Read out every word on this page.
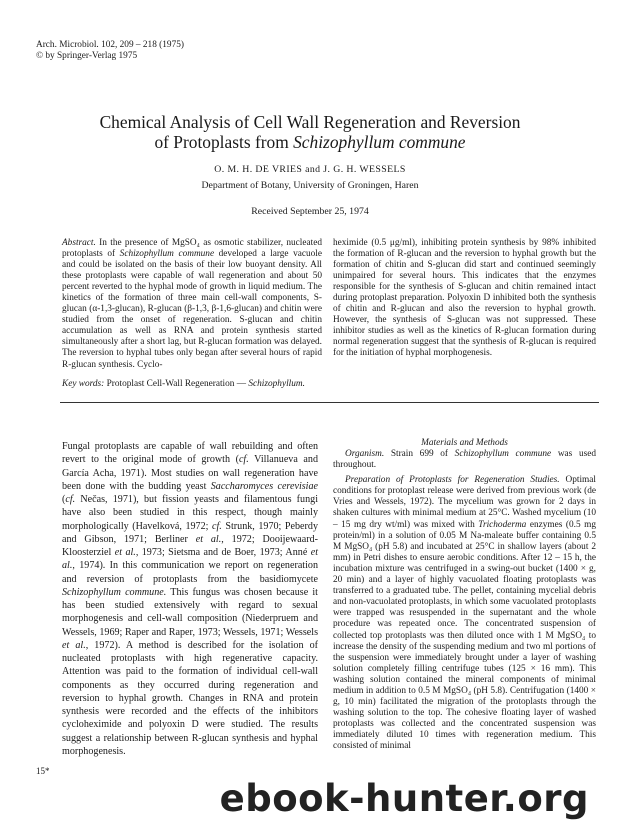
Arch. Microbiol. 102, 209 – 218 (1975)
© by Springer-Verlag 1975
Chemical Analysis of Cell Wall Regeneration and Reversion
of Protoplasts from Schizophyllum commune
O. M. H. DE VRIES and J. G. H. WESSELS
Department of Botany, University of Groningen, Haren
Received September 25, 1974

Abstract. In the presence of MgSO₄ as osmotic stabilizer, nucleated protoplasts of Schizophyllum commune developed a large vacuole and could be isolated on the basis of their low buoyant density. All these protoplasts were capable of wall regeneration and about 50 percent reverted to the hyphal mode of growth in liquid medium. The kinetics of the formation of three main cell-wall components, S-glucan (α-1,3-glucan), R-glucan (β-1,3, β-1,6-glucan) and chitin were studied from the onset of regeneration. S-glucan and chitin accumulation as well as RNA and protein synthesis started simultaneously after a short lag, but R-glucan formation was delayed. The reversion to hyphal tubes only began after several hours of rapid R-glucan synthesis. Cyclo-

heximide (0.5 μg/ml), inhibiting protein synthesis by 98% inhibited the formation of R-glucan and the reversion to hyphal growth but the formation of chitin and S-glucan did start and continued seemingly unimpaired for several hours. This indicates that the enzymes responsible for the synthesis of S-glucan and chitin remained intact during protoplast preparation. Polyoxin D inhibited both the synthesis of chitin and R-glucan and also the reversion to hyphal growth. However, the synthesis of S-glucan was not suppressed. These inhibitor studies as well as the kinetics of R-glucan formation during normal regeneration suggest that the synthesis of R-glucan is required for the initiation of hyphal morphogenesis.

Key words: Protoplast Cell-Wall Regeneration — Schizophyllum.

Fungal protoplasts are capable of wall rebuilding and often revert to the original mode of growth (cf. Villanueva and García Acha, 1971). Most studies on wall regeneration have been done with the budding yeast Saccharomyces cerevisiae (cf. Nečas, 1971), but fission yeasts and filamentous fungi have also been studied in this respect, though mainly morphologically (Havelková, 1972; cf. Strunk, 1970; Peberdy and Gibson, 1971; Berliner et al., 1972; Dooijewaard-Kloosterziel et al., 1973; Sietsma and de Boer, 1973; Anné et al., 1974). In this communication we report on regeneration and reversion of protoplasts from the basidiomycete Schizophyllum commune. This fungus was chosen because it has been studied extensively with regard to sexual morphogenesis and cell-wall composition (Niederpruem and Wessels, 1969; Raper and Raper, 1973; Wessels, 1971; Wessels et al., 1972). A method is described for the isolation of nucleated protoplasts with high regenerative capacity. Attention was paid to the formation of individual cell-wall components as they occurred during regeneration and reversion to hyphal growth. Changes in RNA and protein synthesis were recorded and the effects of the inhibitors cycloheximide and polyoxin D were studied. The results suggest a relationship between R-glucan synthesis and hyphal morphogenesis.

Materials and Methods

Organism. Strain 699 of Schizophyllum commune was used throughout.

Preparation of Protoplasts for Regeneration Studies. Optimal conditions for protoplast release were derived from previous work (de Vries and Wessels, 1972). The mycelium was grown for 2 days in shaken cultures with minimal medium at 25°C. Washed mycelium (10 – 15 mg dry wt/ml) was mixed with Trichoderma enzymes (0.5 mg protein/ml) in a solution of 0.05 M Na-maleate buffer containing 0.5 M MgSO₄ (pH 5.8) and incubated at 25°C in shallow layers (about 2 mm) in Petri dishes to ensure aerobic conditions. After 12 – 15 h, the incubation mixture was centrifuged in a swing-out bucket (1400 × g, 20 min) and a layer of highly vacuolated floating protoplasts was transferred to a graduated tube. The pellet, containing mycelial debris and non-vacuolated protoplasts, in which some vacuolated protoplasts were trapped was resuspended in the supernatant and the whole procedure was repeated once. The concentrated suspension of collected top protoplasts was then diluted once with 1 M MgSO₄ to increase the density of the suspending medium and two ml portions of the suspension were immediately brought under a layer of washing solution completely filling centrifuge tubes (125 × 16 mm). This washing solution contained the mineral components of minimal medium in addition to 0.5 M MgSO₄ (pH 5.8). Centrifugation (1400 × g, 10 min) facilitated the migration of the protoplasts through the washing solution to the top. The cohesive floating layer of washed protoplasts was collected and the concentrated suspension was immediately diluted 10 times with regeneration medium. This consisted of minimal

15*
ebook-hunter.org
